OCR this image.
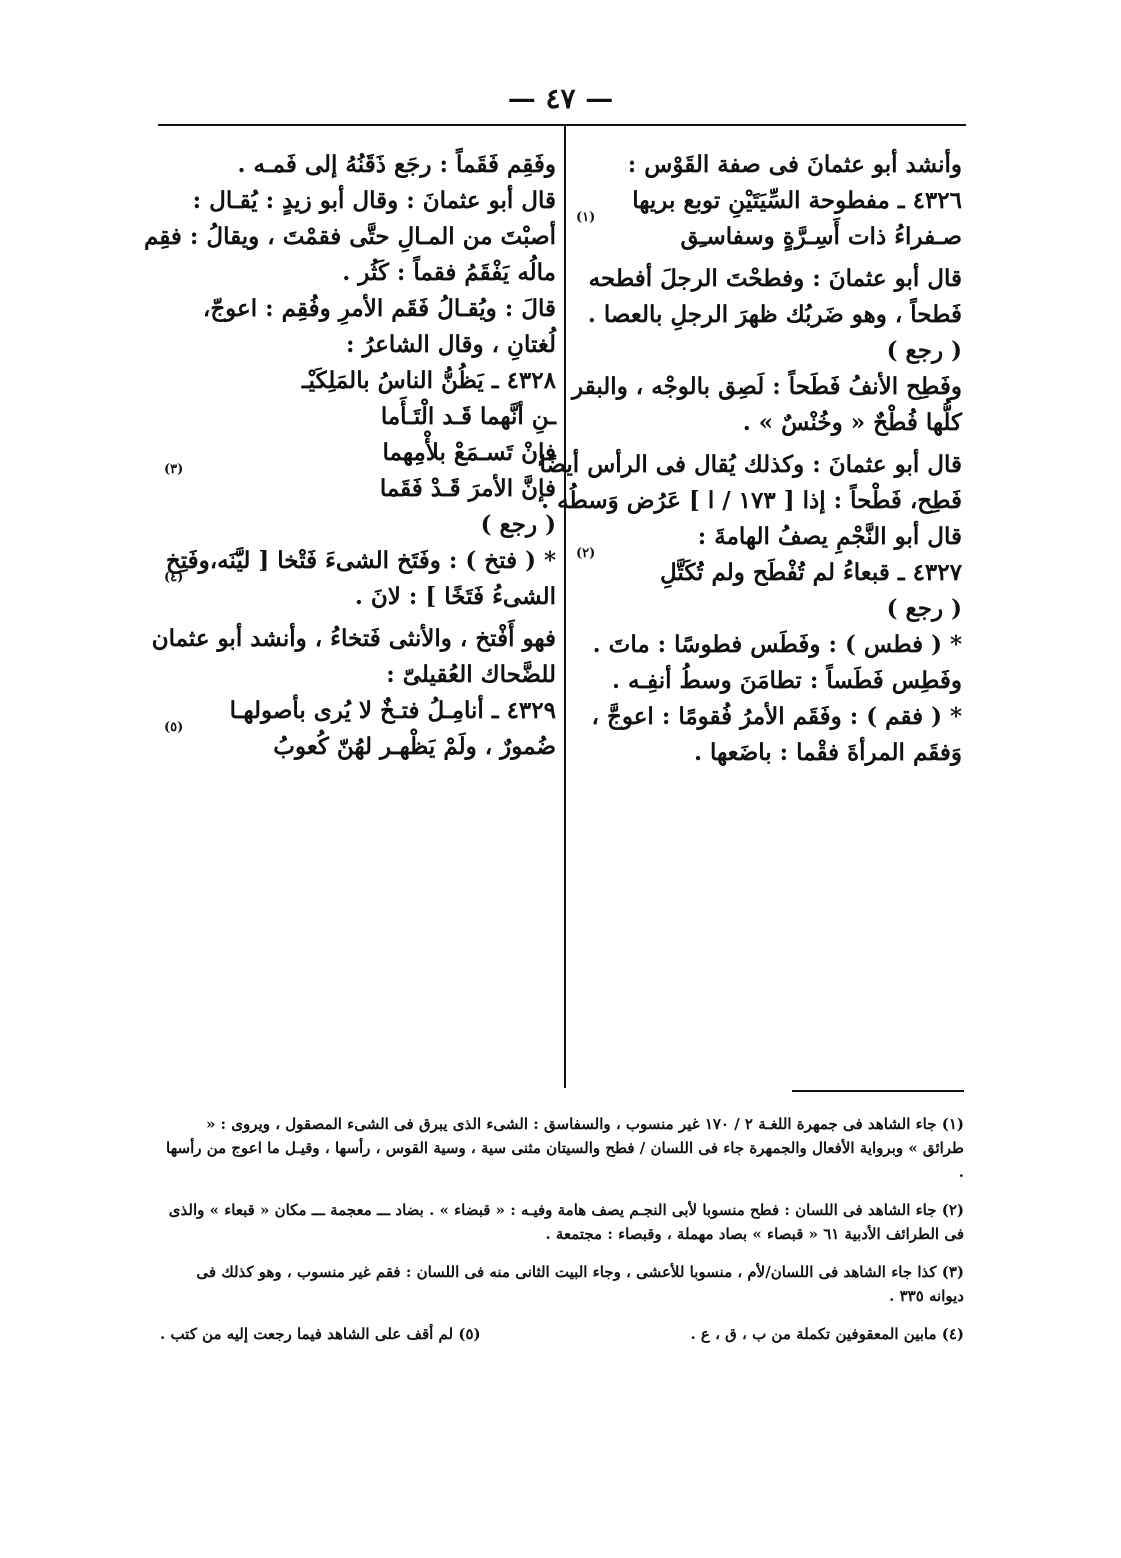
— ٤٧ —
وأنشد أبو عثمانَ فى صفة القَوْس :
٤٣٢٦ ـ مفطوحة السِّيَتَيْنِ توبع بريها
صـفراءُ ذات أَسِـرَّةٍ وسفاسـِق
(١)
قال أبو عثمانَ : وفطحْتَ الرجلَ أفطحه
فَطحاً ، وهو ضَربُك ظهرَ الرجلِ بالعصا .
( رجع )
وفَطِح الأنفُ فَطَحاً : لَصِق بالوجْه ، والبقر
كلُّها فُطْحٌ « وخُنْسٌ » .
قال أبو عثمانَ : وكذلك يُقال فى الرأس أيضًا
فَطِح، فَطْحاً : إذا [ ١٧٣ / ا ] عَرُض وَسطُه .
قال أبو النَّجْمِ يصفُ الهامةَ :
٤٣٢٧ ـ قبعاءُ لم تُفْطَح ولم تُكَتَّلِ
(٢)
( رجع )
* ( فطس ) : وفَطَس فطوسًا : ماتَ .
وفَطِس فَطَساً : تطامَنَ وسطُ أنفِـه .
* ( فقم ) : وفَقَم الأمرُ فُقومًا : اعوجَّ ،
وَفقَم المرأةَ فقْما : باضَعها .
وفَقِم فَقَماً : رجَع ذَقَنُهُ إلى فَمـه .
قال أبو عثمانَ : وقال أبو زيدٍ : يُقـال :
أصبْتَ من المـالِ حتَّى فقمْتَ ، ويقالُ : فقِم
مالُه يَفْقَمُ فقماً : كَثُر .
قالَ : ويُقـالُ فَقَم الأمرِ وفُقِم : اعوجّ،
لُغتانِ ، وقال الشاعرُ :
٤٣٢٨ ـ يَظُنُّ الناسُ بالمَلِكَيْـ
ـنِ أنَّهما قَـد الْتَـأَما
فإنْ تَسـمَعْ بلأْمِهما
فإنَّ الأمرَ قَـدْ فَقَما
(٣)
( رجع )
* ( فتخ ) : وفَتَخ الشىءَ فَتْخا [ ليَّنَه،وفَتِخ
الشىءُ فَتَخًا ] : لانَ .
(٤)
فهو أَفْتخ ، والأنثى فَتخاءُ ، وأنشد أبو عثمان
للضَّحاك العُقيلىّ :
٤٣٢٩ ـ أنامِـلُ فتـخٌ لا يُرى بأصولهـا
ضُمورٌ ، ولَمْ يَظْهـر لهُنّ كُعوبُ
(٥)
(١) جاء الشاهد فى جمهرة اللغـة ٢ / ١٧٠ غير منسوب ، والسفاسق : الشىء الذى يبرق فى الشىء المصقول ، ويروى : « طرائق » وبرواية الأفعال والجمهرة جاء فى اللسان / فطح والسيتان مثنى سية ، وسية القوس ، رأسها ، وقيـل ما اعوج من رأسها .
(٢) جاء الشاهد فى اللسان : فطح منسوبا لأبى النجـم يصف هامة وفيـه : « قبضاء » . بضاد ـــ معجمة ـــ مكان « قبعاء » والذى فى الطرائف الأدبية ٦١ « قبصاء » بصاد مهملة ، وقبصاء : مجتمعة .
(٣) كذا جاء الشاهد فى اللسان/لأم ، منسوبا للأعشى ، وجاء البيت الثانى منه فى اللسان : فقم غير منسوب ، وهو كذلك فى ديوانه ٣٣٥ .
(٤) مابين المعقوفين تكملة من ب ، ق ، ع .
(٥) لم أقف على الشاهد فيما رجعت إليه من كتب .
